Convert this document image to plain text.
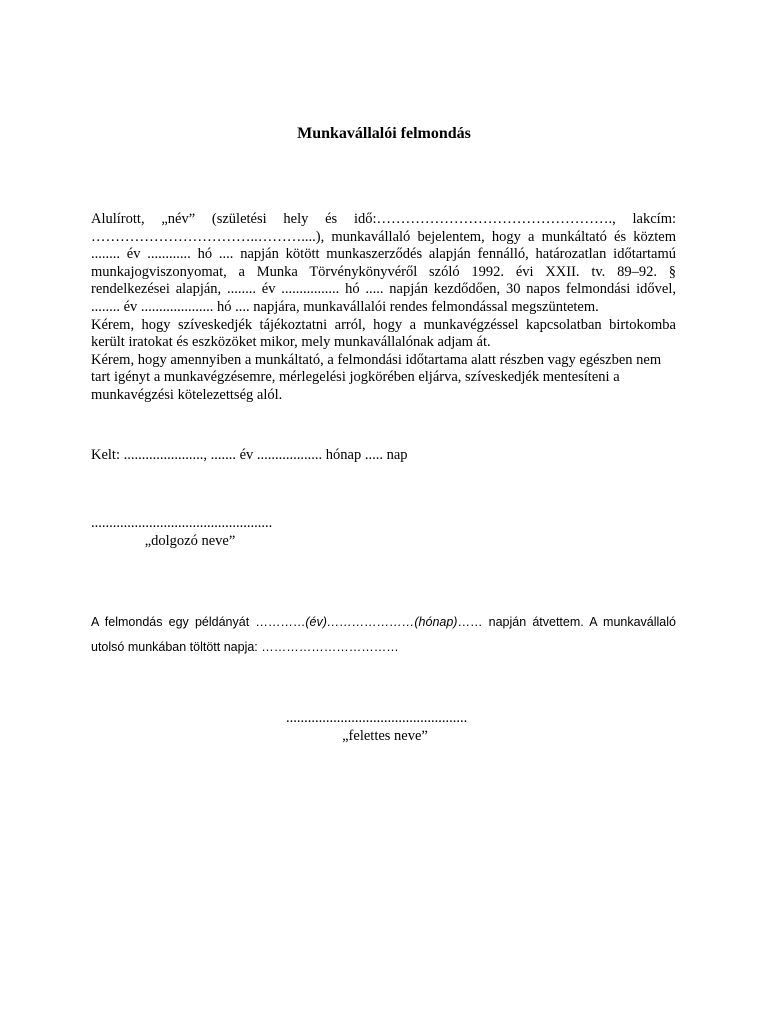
Munkavállalói felmondás

Alulírott, „név” (születési hely és idő:…………………………………………., lakcím: ……………………………..………....), munkavállaló bejelentem, hogy a munkáltató és köztem ........ év ............ hó .... napján kötött munkaszerződés alapján fennálló, határozatlan időtartamú munkajogviszonyomat, a Munka Törvénykönyvéről szóló 1992. évi XXII. tv. 89–92. § rendelkezései alapján, ........ év ................ hó ..... napján kezdődően, 30 napos felmondási idővel, ........ év .................... hó .... napjára, munkavállalói rendes felmondással megszüntetem.

Kérem, hogy szíveskedjék tájékoztatni arról, hogy a munkavégzéssel kapcsolatban birtokomba került iratokat és eszközöket mikor, mely munkavállalónak adjam át.

Kérem, hogy amennyiben a munkáltató, a felmondási időtartama alatt részben vagy egészben nem tart igényt a munkavégzésemre, mérlegelési jogkörében eljárva, szíveskedjék mentesíteni a munkavégzési kötelezettség alól.

Kelt: ......................, ....... év .................. hónap ..... nap
..................................................
„dolgozó neve”
A felmondás egy példányát …………(év)…………………(hónap)…… napján átvettem. A munkavállaló utolsó munkában töltött napja: ……………………………
..................................................
„felettes neve”
